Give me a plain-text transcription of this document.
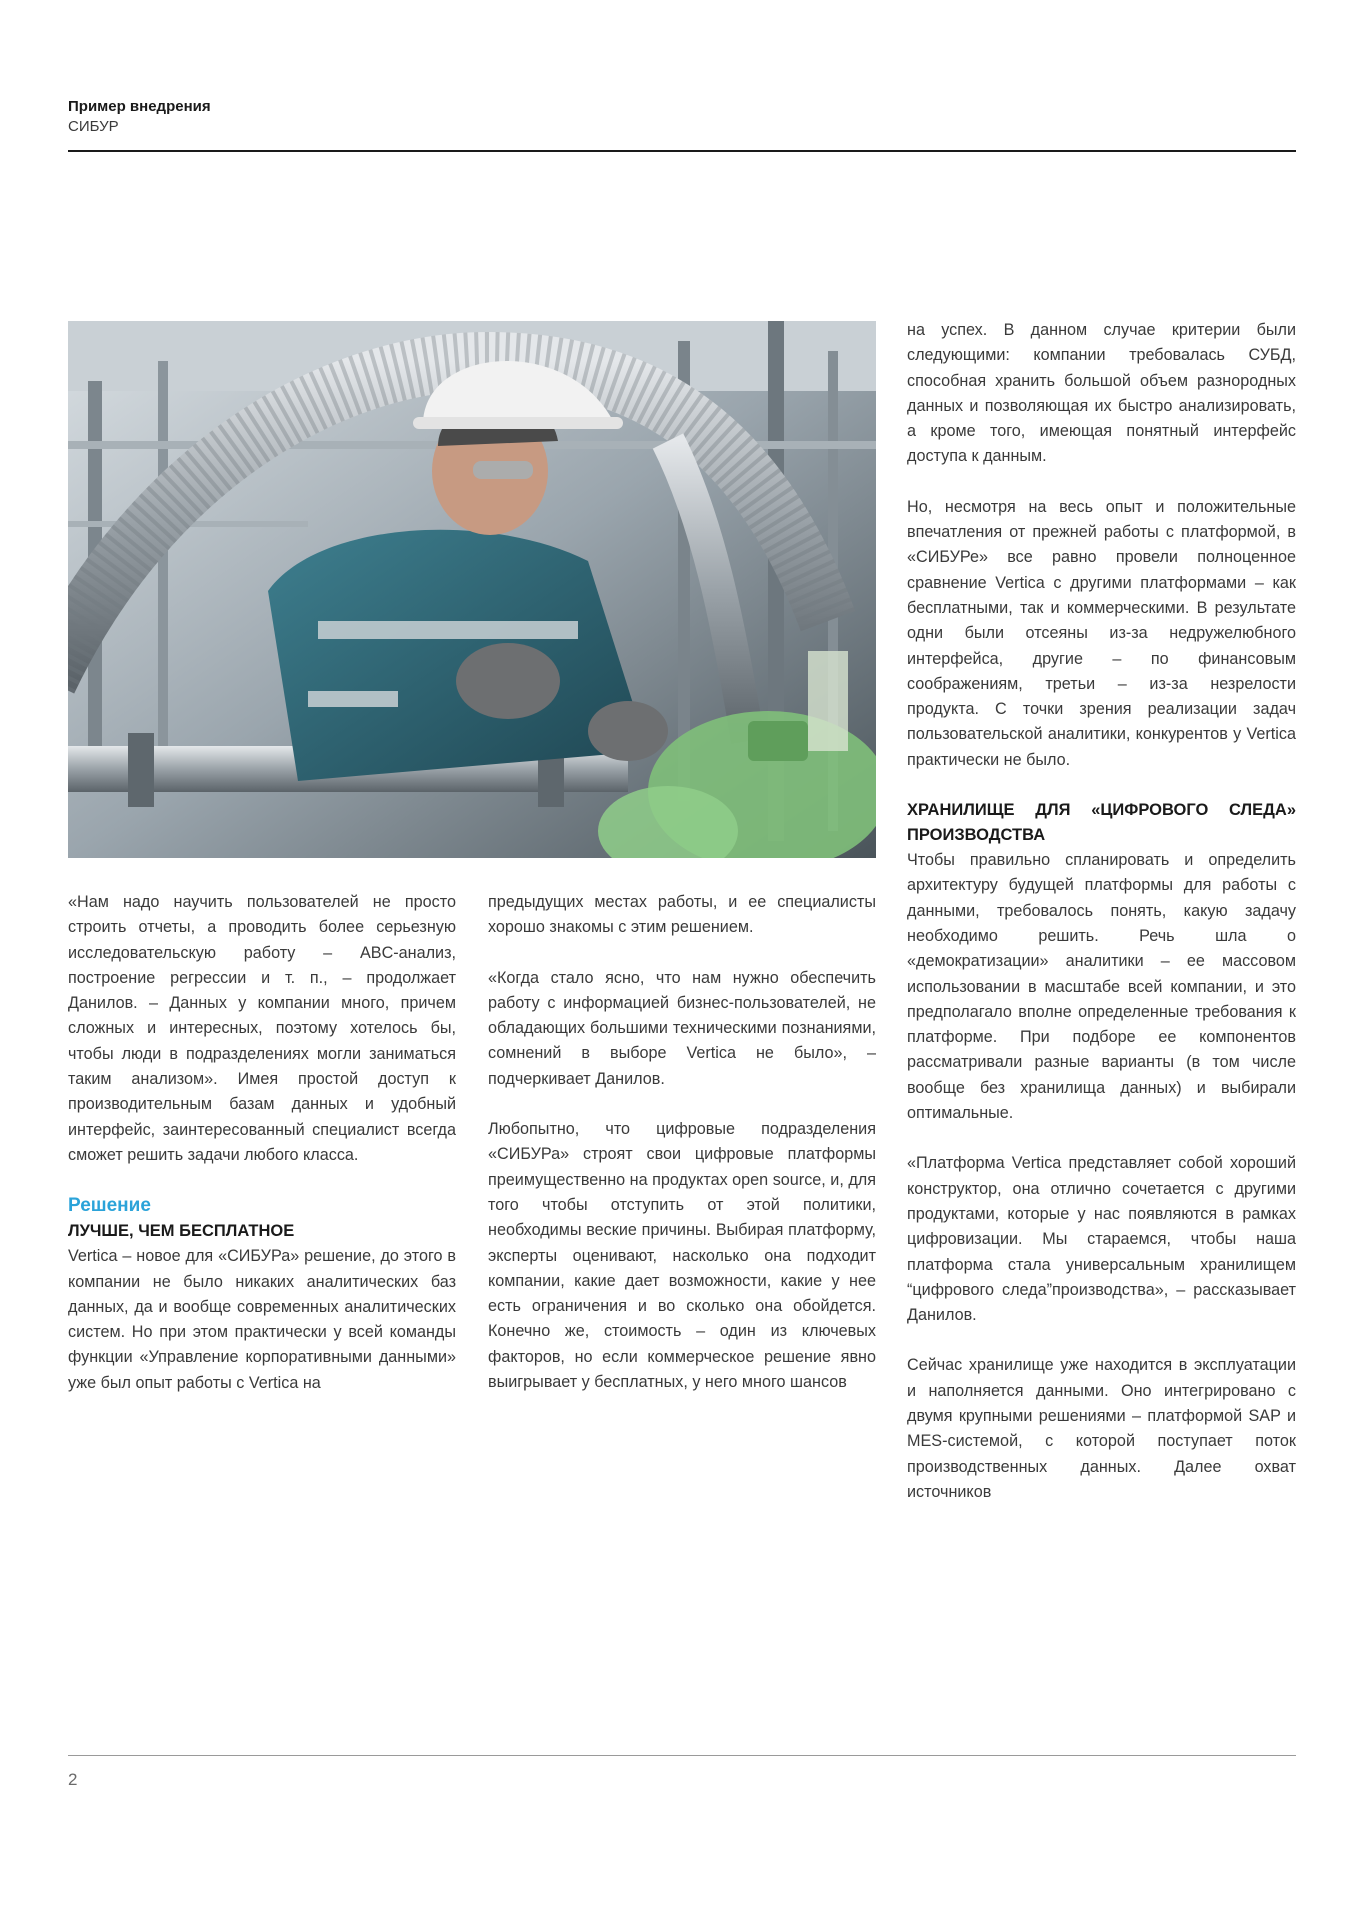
Пример внедрения
СИБУР

«Нам надо научить пользователей не просто строить отчеты, а проводить более серьезную исследовательскую работу – ABC-анализ, построение регрессии и т. п., – продолжает Данилов. – Данных у компании много, причем сложных и интересных, поэтому хотелось бы, чтобы люди в подразделениях могли заниматься таким анализом». Имея простой доступ к производительным базам данных и удобный интерфейс, заинтересованный специалист всегда сможет решить задачи любого класса.

Решение
ЛУЧШЕ, ЧЕМ БЕСПЛАТНОЕ

Vertica – новое для «СИБУРа» решение, до этого в компании не было никаких аналитических баз данных, да и вообще современных аналитических систем. Но при этом практически у всей команды функции «Управление корпоративными данными» уже был опыт работы с Vertica на

предыдущих местах работы, и ее специалисты хорошо знакомы с этим решением.

«Когда стало ясно, что нам нужно обеспечить работу с информацией бизнес-пользователей, не обладающих большими техническими познаниями, сомнений в выборе Vertica не было», – подчеркивает Данилов.

Любопытно, что цифровые подразделения «СИБУРа» строят свои цифровые платформы преимущественно на продуктах open source, и, для того чтобы отступить от этой политики, необходимы веские причины. Выбирая платформу, эксперты оценивают, насколько она подходит компании, какие дает возможности, какие у нее есть ограничения и во сколько она обойдется. Конечно же, стоимость – один из ключевых факторов, но если коммерческое решение явно выигрывает у бесплатных, у него много шансов

на успех. В данном случае критерии были следующими: компании требовалась СУБД, способная хранить большой объем разнородных данных и позволяющая их быстро анализировать, а кроме того, имеющая понятный интерфейс доступа к данным.

Но, несмотря на весь опыт и положительные впечатления от прежней работы с платформой, в «СИБУРе» все равно провели полноценное сравнение Vertica с другими платформами – как бесплатными, так и коммерческими. В результате одни были отсеяны из-за недружелюбного интерфейса, другие – по финансовым соображениям, третьи – из-за незрелости продукта. С точки зрения реализации задач пользовательской аналитики, конкурентов у Vertica практически не было.

ХРАНИЛИЩЕ ДЛЯ «ЦИФРОВОГО СЛЕДА» ПРОИЗВОДСТВА

Чтобы правильно спланировать и определить архитектуру будущей платформы для работы с данными, требовалось понять, какую задачу необходимо решить. Речь шла о «демократизации» аналитики – ее массовом использовании в масштабе всей компании, и это предполагало вполне определенные требования к платформе. При подборе ее компонентов рассматривали разные варианты (в том числе вообще без хранилища данных) и выбирали оптимальные.

«Платформа Vertica представляет собой хороший конструктор, она отлично сочетается с другими продуктами, которые у нас появляются в рамках цифровизации. Мы стараемся, чтобы наша платформа стала универсальным хранилищем “цифрового следа”производства», – рассказывает Данилов.

Сейчас хранилище уже находится в эксплуатации и наполняется данными. Оно интегрировано с двумя крупными решениями – платформой SAP и MES-системой, с которой поступает поток производственных данных. Далее охват источников

2
